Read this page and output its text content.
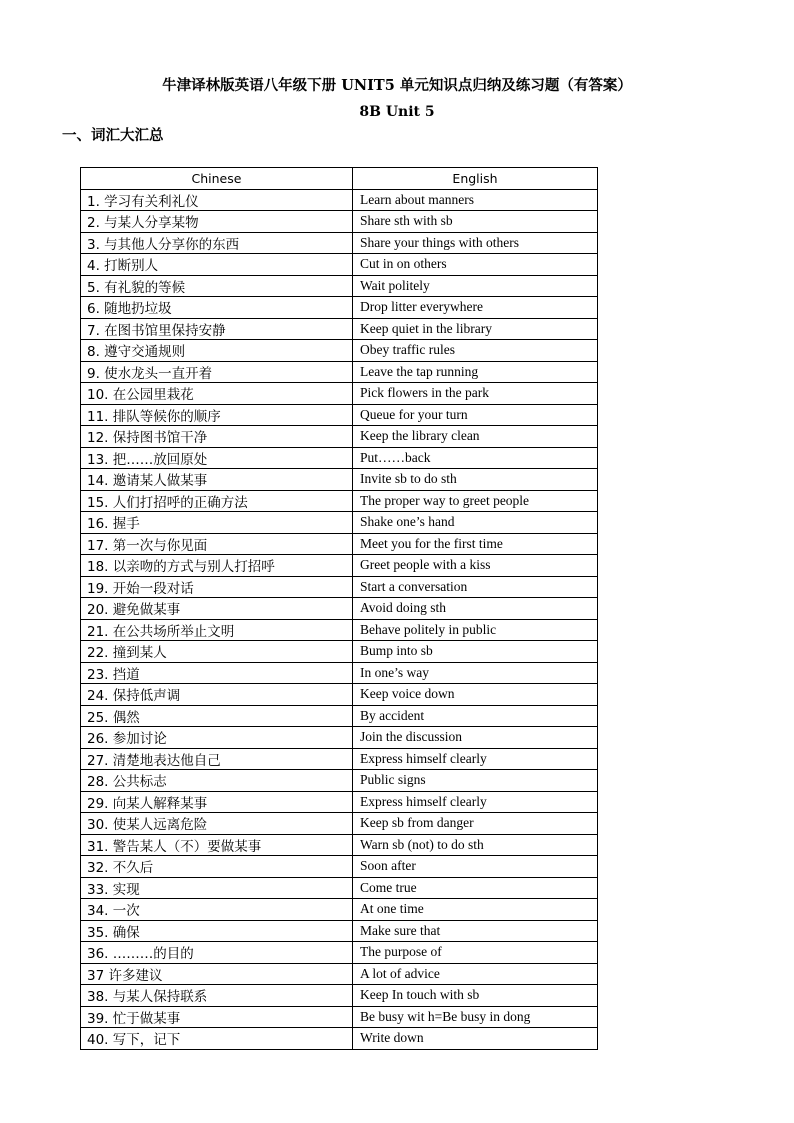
牛津译林版英语八年级下册 UNIT5 单元知识点归纳及练习题（有答案）
8B Unit 5
一、词汇大汇总
Chinese	English
1. 学习有关利礼仪	Learn about manners
2. 与某人分享某物	Share sth with sb
3. 与其他人分享你的东西	Share your things with others
4. 打断别人	Cut in on others
5. 有礼貌的等候	Wait politely
6. 随地扔垃圾	Drop litter everywhere
7. 在图书馆里保持安静	Keep quiet in the library
8. 遵守交通规则	Obey traffic rules
9. 使水龙头一直开着	Leave the tap running
10. 在公园里栽花	Pick flowers in the park
11. 排队等候你的顺序	Queue for your turn
12. 保持图书馆干净	Keep the library clean
13. 把……放回原处	Put……back
14. 邀请某人做某事	Invite sb to do sth
15. 人们打招呼的正确方法	The proper way to greet people
16. 握手	Shake one’s hand
17. 第一次与你见面	Meet you for the first time
18. 以亲吻的方式与别人打招呼	Greet people with a kiss
19. 开始一段对话	Start a conversation
20. 避免做某事	Avoid doing sth
21. 在公共场所举止文明	Behave politely in public
22. 撞到某人	Bump into sb
23. 挡道	In one’s way
24. 保持低声调	Keep voice down
25. 偶然	By accident
26. 参加讨论	Join the discussion
27. 清楚地表达他自己	Express himself clearly
28. 公共标志	Public signs
29. 向某人解释某事	Express himself clearly
30. 使某人远离危险	Keep sb from danger
31. 警告某人（不）要做某事	Warn sb (not) to do sth
32. 不久后	Soon after
33. 实现	Come true
34. 一次	At one time
35. 确保	Make sure that
36. ………的目的	The purpose of
37 许多建议	A lot of advice
38. 与某人保持联系	Keep In touch with sb
39. 忙于做某事	Be busy wit h=Be busy in dong
40. 写下，记下	Write down
